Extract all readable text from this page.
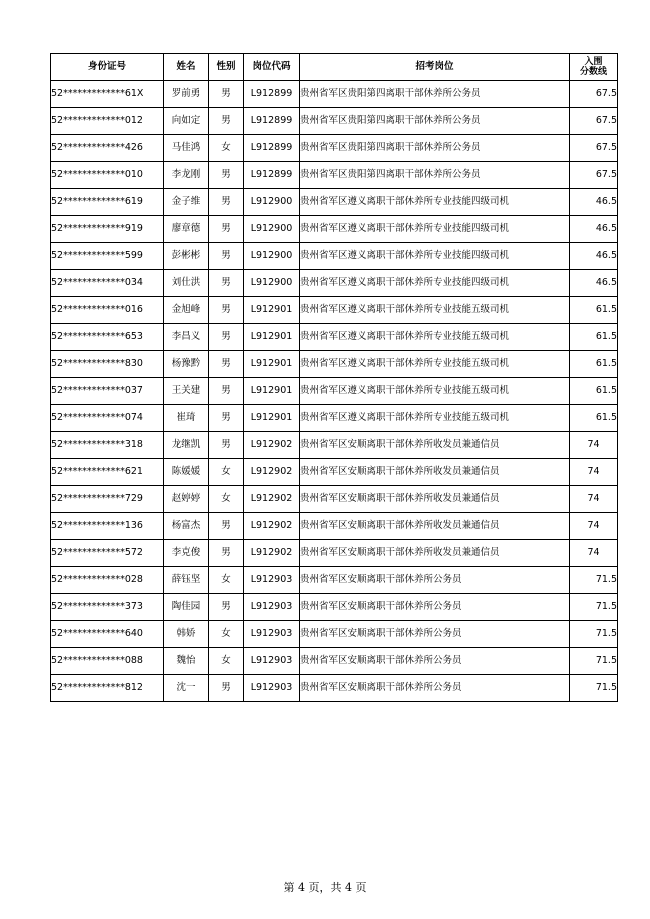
身份证号	姓名	性别	岗位代码	招考岗位	入围
分数线
52*************61X	罗前勇	男	L912899	贵州省军区贵阳第四离职干部休养所公务员	67.5
52*************012	向如定	男	L912899	贵州省军区贵阳第四离职干部休养所公务员	67.5
52*************426	马佳鸿	女	L912899	贵州省军区贵阳第四离职干部休养所公务员	67.5
52*************010	李龙刚	男	L912899	贵州省军区贵阳第四离职干部休养所公务员	67.5
52*************619	金子维	男	L912900	贵州省军区遵义离职干部休养所专业技能四级司机	46.5
52*************919	廖章德	男	L912900	贵州省军区遵义离职干部休养所专业技能四级司机	46.5
52*************599	彭彬彬	男	L912900	贵州省军区遵义离职干部休养所专业技能四级司机	46.5
52*************034	刘仕洪	男	L912900	贵州省军区遵义离职干部休养所专业技能四级司机	46.5
52*************016	金旭峰	男	L912901	贵州省军区遵义离职干部休养所专业技能五级司机	61.5
52*************653	李昌义	男	L912901	贵州省军区遵义离职干部休养所专业技能五级司机	61.5
52*************830	杨豫黔	男	L912901	贵州省军区遵义离职干部休养所专业技能五级司机	61.5
52*************037	王关建	男	L912901	贵州省军区遵义离职干部休养所专业技能五级司机	61.5
52*************074	崔琦	男	L912901	贵州省军区遵义离职干部休养所专业技能五级司机	61.5
52*************318	龙继凯	男	L912902	贵州省军区安顺离职干部休养所收发员兼通信员	74
52*************621	陈媛媛	女	L912902	贵州省军区安顺离职干部休养所收发员兼通信员	74
52*************729	赵婷婷	女	L912902	贵州省军区安顺离职干部休养所收发员兼通信员	74
52*************136	杨富杰	男	L912902	贵州省军区安顺离职干部休养所收发员兼通信员	74
52*************572	李克俊	男	L912902	贵州省军区安顺离职干部休养所收发员兼通信员	74
52*************028	薛钰坚	女	L912903	贵州省军区安顺离职干部休养所公务员	71.5
52*************373	陶佳园	男	L912903	贵州省军区安顺离职干部休养所公务员	71.5
52*************640	韩娇	女	L912903	贵州省军区安顺离职干部休养所公务员	71.5
52*************088	魏怡	女	L912903	贵州省军区安顺离职干部休养所公务员	71.5
52*************812	沈一	男	L912903	贵州省军区安顺离职干部休养所公务员	71.5
第 4 页，共 4 页
